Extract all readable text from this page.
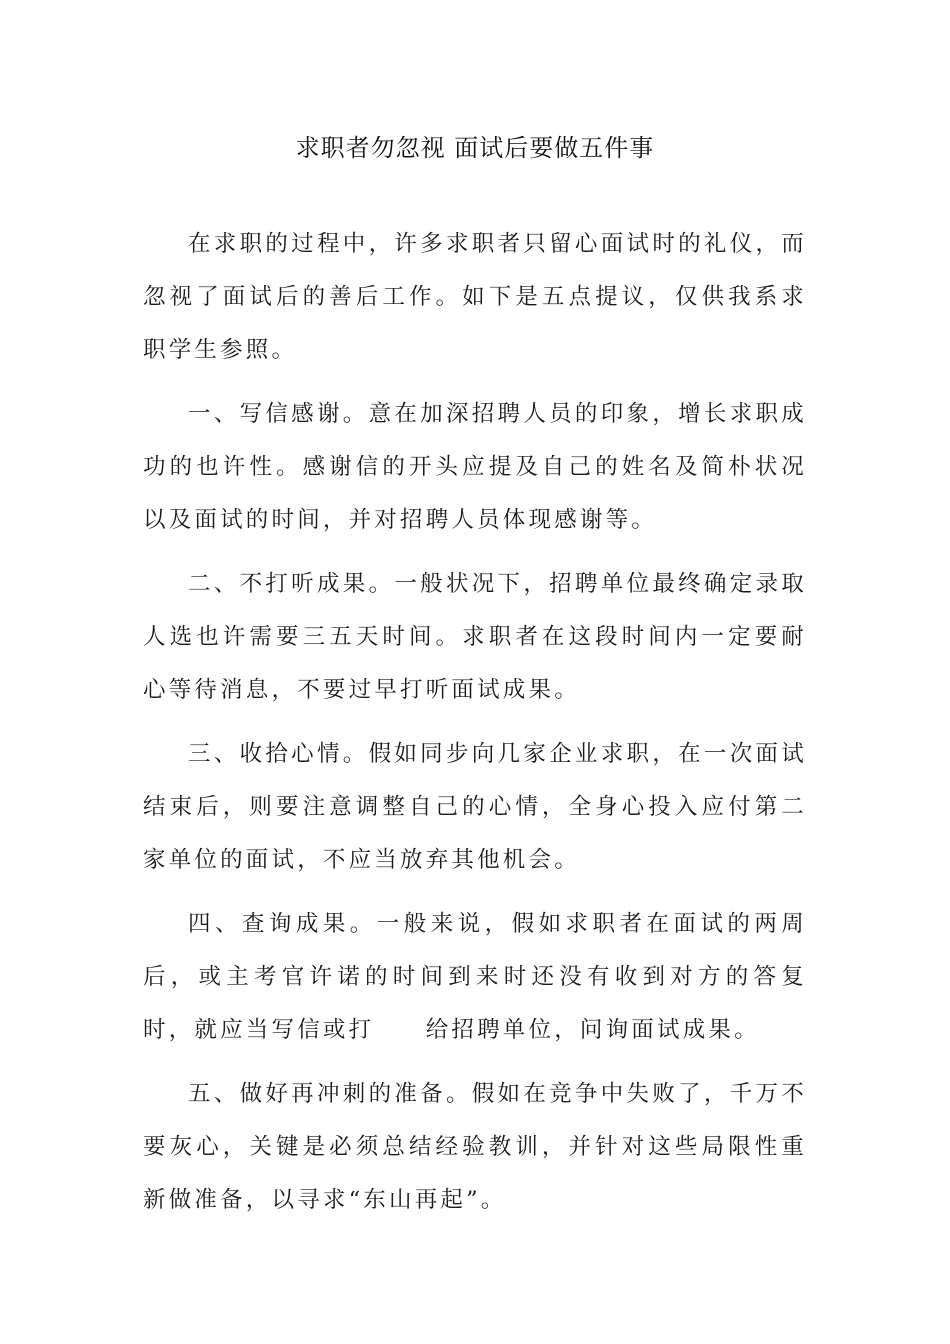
求职者勿忽视 面试后要做五件事

在求职的过程中，许多求职者只留心面试时的礼仪，而忽视了面试后的善后工作。如下是五点提议，仅供我系求职学生参照。

一、写信感谢。意在加深招聘人员的印象，增长求职成功的也许性。感谢信的开头应提及自己的姓名及简朴状况以及面试的时间，并对招聘人员体现感谢等。

二、不打听成果。一般状况下，招聘单位最终确定录取人选也许需要三五天时间。求职者在这段时间内一定要耐心等待消息，不要过早打听面试成果。

三、收拾心情。假如同步向几家企业求职，在一次面试结束后，则要注意调整自己的心情，全身心投入应付第二家单位的面试，不应当放弃其他机会。

四、查询成果。一般来说，假如求职者在面试的两周后，或主考官许诺的时间到来时还没有收到对方的答复时，就应当写信或打　　给招聘单位，问询面试成果。

五、做好再冲刺的准备。假如在竞争中失败了，千万不要灰心，关键是必须总结经验教训，并针对这些局限性重新做准备，以寻求“东山再起”。
